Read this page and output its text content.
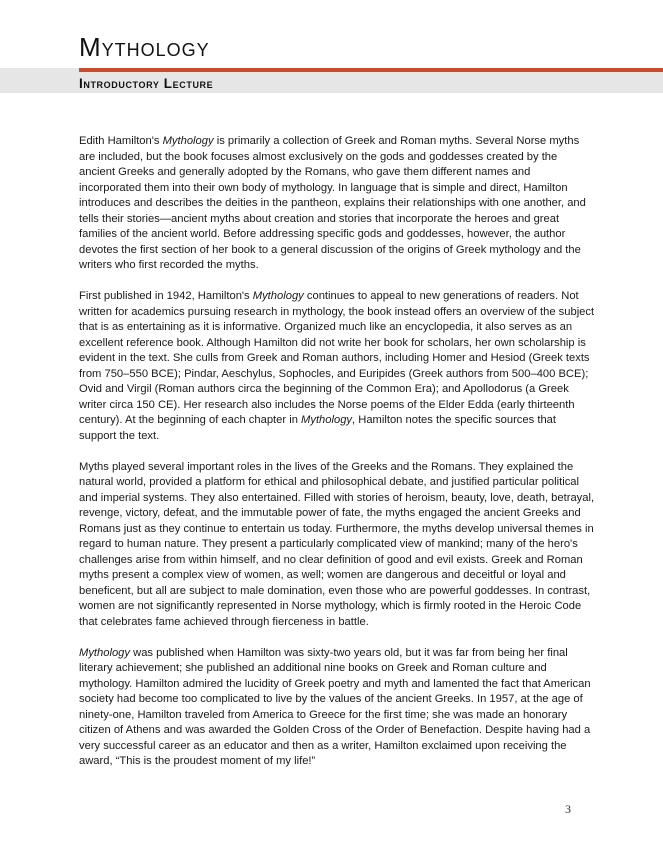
Mythology
Introductory Lecture

Edith Hamilton's Mythology is primarily a collection of Greek and Roman myths. Several Norse myths are included, but the book focuses almost exclusively on the gods and goddesses created by the ancient Greeks and generally adopted by the Romans, who gave them different names and incorporated them into their own body of mythology. In language that is simple and direct, Hamilton introduces and describes the deities in the pantheon, explains their relationships with one another, and tells their stories—ancient myths about creation and stories that incorporate the heroes and great families of the ancient world. Before addressing specific gods and goddesses, however, the author devotes the first section of her book to a general discussion of the origins of Greek mythology and the writers who first recorded the myths.

First published in 1942, Hamilton's Mythology continues to appeal to new generations of readers. Not written for academics pursuing research in mythology, the book instead offers an overview of the subject that is as entertaining as it is informative. Organized much like an encyclopedia, it also serves as an excellent reference book. Although Hamilton did not write her book for scholars, her own scholarship is evident in the text. She culls from Greek and Roman authors, including Homer and Hesiod (Greek texts from 750–550 BCE); Pindar, Aeschylus, Sophocles, and Euripides (Greek authors from 500–400 BCE); Ovid and Virgil (Roman authors circa the beginning of the Common Era); and Apollodorus (a Greek writer circa 150 CE). Her research also includes the Norse poems of the Elder Edda (early thirteenth century). At the beginning of each chapter in Mythology, Hamilton notes the specific sources that support the text.

Myths played several important roles in the lives of the Greeks and the Romans. They explained the natural world, provided a platform for ethical and philosophical debate, and justified particular political and imperial systems. They also entertained. Filled with stories of heroism, beauty, love, death, betrayal, revenge, victory, defeat, and the immutable power of fate, the myths engaged the ancient Greeks and Romans just as they continue to entertain us today. Furthermore, the myths develop universal themes in regard to human nature. They present a particularly complicated view of mankind; many of the hero's challenges arise from within himself, and no clear definition of good and evil exists. Greek and Roman myths present a complex view of women, as well; women are dangerous and deceitful or loyal and beneficent, but all are subject to male domination, even those who are powerful goddesses. In contrast, women are not significantly represented in Norse mythology, which is firmly rooted in the Heroic Code that celebrates fame achieved through fierceness in battle.

Mythology was published when Hamilton was sixty-two years old, but it was far from being her final literary achievement; she published an additional nine books on Greek and Roman culture and mythology. Hamilton admired the lucidity of Greek poetry and myth and lamented the fact that American society had become too complicated to live by the values of the ancient Greeks. In 1957, at the age of ninety-one, Hamilton traveled from America to Greece for the first time; she was made an honorary citizen of Athens and was awarded the Golden Cross of the Order of Benefaction. Despite having had a very successful career as an educator and then as a writer, Hamilton exclaimed upon receiving the award, “This is the proudest moment of my life!”

3
